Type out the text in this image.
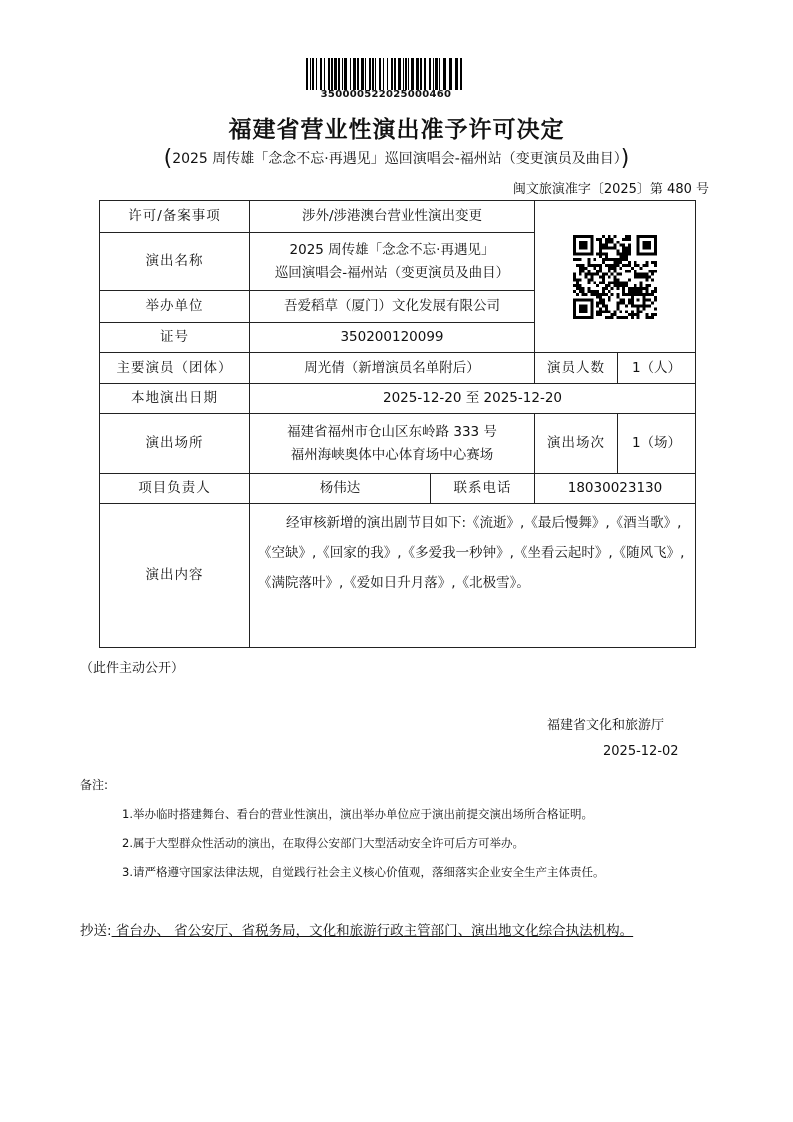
350000522025000460
福建省营业性演出准予许可决定
(2025 周传雄「念念不忘·再遇见」巡回演唱会-福州站（变更演员及曲目）)
闽文旅演准字〔2025〕第 480 号
许可/备案事项	涉外/涉港澳台营业性演出变更	

演出名称	2025 周传雄「念念不忘·再遇见」
巡回演唱会-福州站（变更演员及曲目）			

举办单位	吾爱稻草（厦门）文化发展有限公司			
证号	350200120099			
主要演员（团体）	周光倩（新增演员名单附后）		演员人数	1（人）
本地演出日期	2025-12-20 至 2025-12-20			
演出场所	福建省福州市仓山区东岭路 333 号
福州海峡奥体中心体育场中心赛场		演出场次	1（场）
项目负责人	杨伟达	联系电话	18030023130	
演出内容	经审核新增的演出剧节目如下:《流逝》,《最后慢舞》,《酒当歌》,《空缺》,《回家的我》,《多爱我一秒钟》,《坐看云起时》,《随风飞》,《满院落叶》,《爱如日升月落》,《北极雪》。			
（此件主动公开）
福建省文化和旅游厅
2025-12-02
备注:
1.举办临时搭建舞台、看台的营业性演出，演出举办单位应于演出前提交演出场所合格证明。
2.属于大型群众性活动的演出，在取得公安部门大型活动安全许可后方可举办。
3.请严格遵守国家法律法规，自觉践行社会主义核心价值观，落细落实企业安全生产主体责任。
抄送: 省台办、 省公安厅、省税务局，文化和旅游行政主管部门、演出地文化综合执法机构。
